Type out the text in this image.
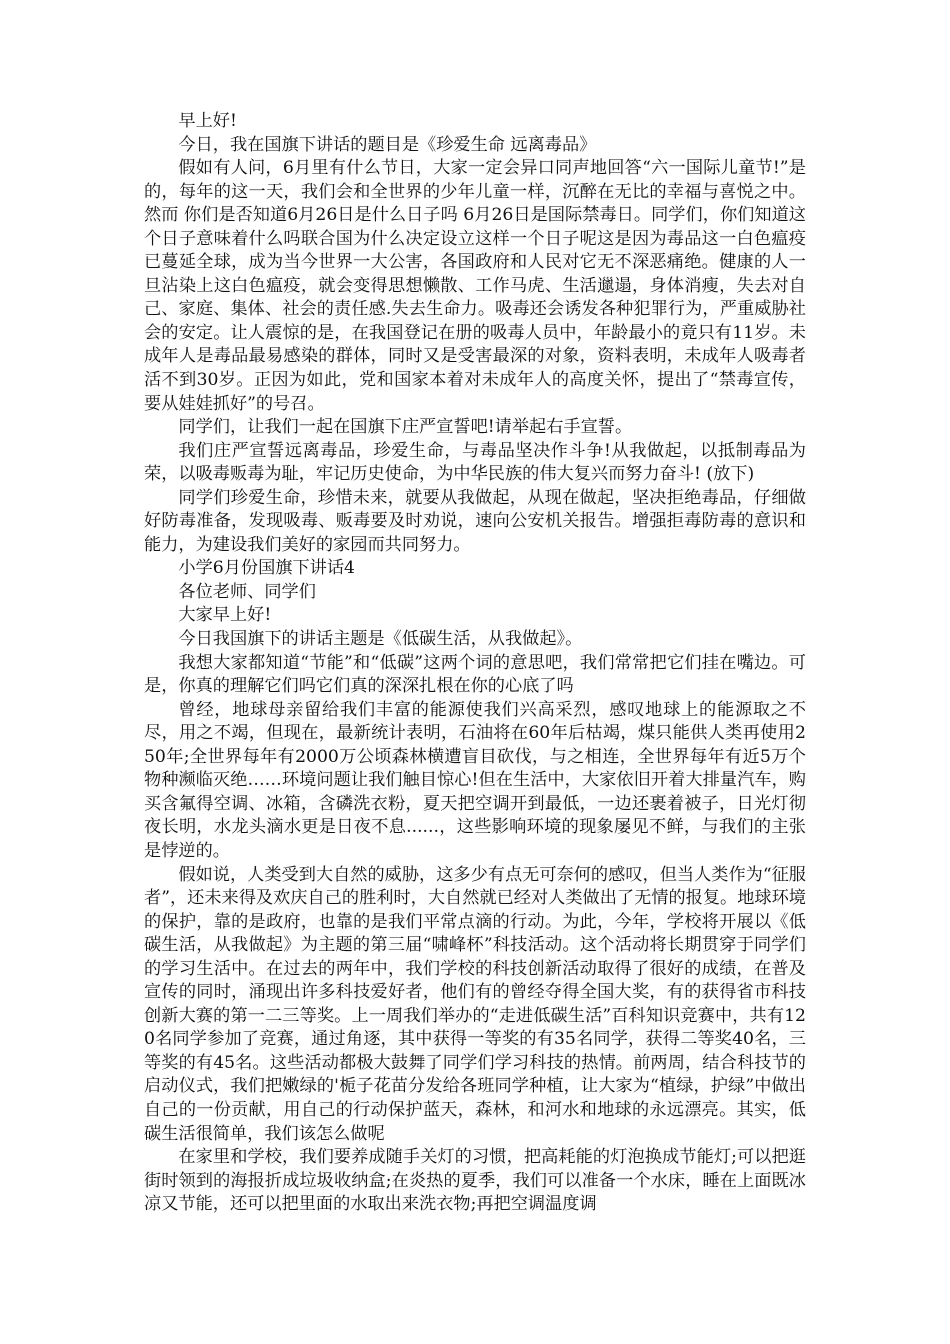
早上好!

今日，我在国旗下讲话的题目是《珍爱生命 远离毒品》

假如有人问，6月里有什么节日，大家一定会异口同声地回答“六一国际儿童节!”是的，每年的这一天，我们会和全世界的少年儿童一样，沉醉在无比的幸福与喜悦之中。然而 你们是否知道6月26日是什么日子吗 6月26日是国际禁毒日。同学们，你们知道这个日子意味着什么吗联合国为什么决定设立这样一个日子呢这是因为毒品这一白色瘟疫已蔓延全球，成为当今世界一大公害，各国政府和人民对它无不深恶痛绝。健康的人一旦沾染上这白色瘟疫，就会变得思想懒散、工作马虎、生活邋遢，身体消瘦，失去对自己、家庭、集体、社会的责任感.失去生命力。吸毒还会诱发各种犯罪行为，严重威胁社会的安定。让人震惊的是，在我国登记在册的吸毒人员中，年龄最小的竟只有11岁。未成年人是毒品最易感染的群体，同时又是受害最深的对象，资料表明，未成年人吸毒者活不到30岁。正因为如此，党和国家本着对未成年人的高度关怀，提出了“禁毒宣传，要从娃娃抓好”的号召。

同学们，让我们一起在国旗下庄严宣誓吧!请举起右手宣誓。

我们庄严宣誓远离毒品，珍爱生命，与毒品坚决作斗争!从我做起，以抵制毒品为荣，以吸毒贩毒为耻，牢记历史使命，为中华民族的伟大复兴而努力奋斗! (放下)

同学们珍爱生命，珍惜未来，就要从我做起，从现在做起，坚决拒绝毒品，仔细做好防毒准备，发现吸毒、贩毒要及时劝说，速向公安机关报告。增强拒毒防毒的意识和能力，为建设我们美好的家园而共同努力。

小学6月份国旗下讲话4

各位老师、同学们

大家早上好!

今日我国旗下的讲话主题是《低碳生活，从我做起》。

我想大家都知道“节能”和“低碳”这两个词的意思吧，我们常常把它们挂在嘴边。可是，你真的理解它们吗它们真的深深扎根在你的心底了吗

曾经，地球母亲留给我们丰富的能源使我们兴高采烈，感叹地球上的能源取之不尽，用之不竭，但现在，最新统计表明，石油将在60年后枯竭，煤只能供人类再使用250年;全世界每年有2000万公顷森林横遭盲目砍伐，与之相连，全世界每年有近5万个物种濒临灭绝……环境问题让我们触目惊心!但在生活中，大家依旧开着大排量汽车，购买含氟得空调、冰箱，含磷洗衣粉，夏天把空调开到最低，一边还裹着被子，日光灯彻夜长明，水龙头滴水更是日夜不息......，这些影响环境的现象屡见不鲜，与我们的主张是悖逆的。

假如说，人类受到大自然的威胁，这多少有点无可奈何的感叹，但当人类作为“征服者”，还未来得及欢庆自己的胜利时，大自然就已经对人类做出了无情的报复。地球环境的保护，靠的是政府，也靠的是我们平常点滴的行动。为此，今年，学校将开展以《低碳生活，从我做起》为主题的第三届“啸峰杯”科技活动。这个活动将长期贯穿于同学们的学习生活中。在过去的两年中，我们学校的科技创新活动取得了很好的成绩，在普及宣传的同时，涌现出许多科技爱好者，他们有的曾经夺得全国大奖，有的获得省市科技创新大赛的第一二三等奖。上一周我们举办的“走进低碳生活”百科知识竞赛中，共有120名同学参加了竞赛，通过角逐，其中获得一等奖的有35名同学，获得二等奖40名，三等奖的有45名。这些活动都极大鼓舞了同学们学习科技的热情。前两周，结合科技节的启动仪式，我们把嫩绿的'栀子花苗分发给各班同学种植，让大家为“植绿，护绿”中做出自己的一份贡献，用自己的行动保护蓝天，森林，和河水和地球的永远漂亮。其实，低碳生活很简单，我们该怎么做呢

在家里和学校，我们要养成随手关灯的习惯，把高耗能的灯泡换成节能灯;可以把逛街时领到的海报折成垃圾收纳盒;在炎热的夏季，我们可以准备一个水床，睡在上面既冰凉又节能，还可以把里面的水取出来洗衣物;再把空调温度调
